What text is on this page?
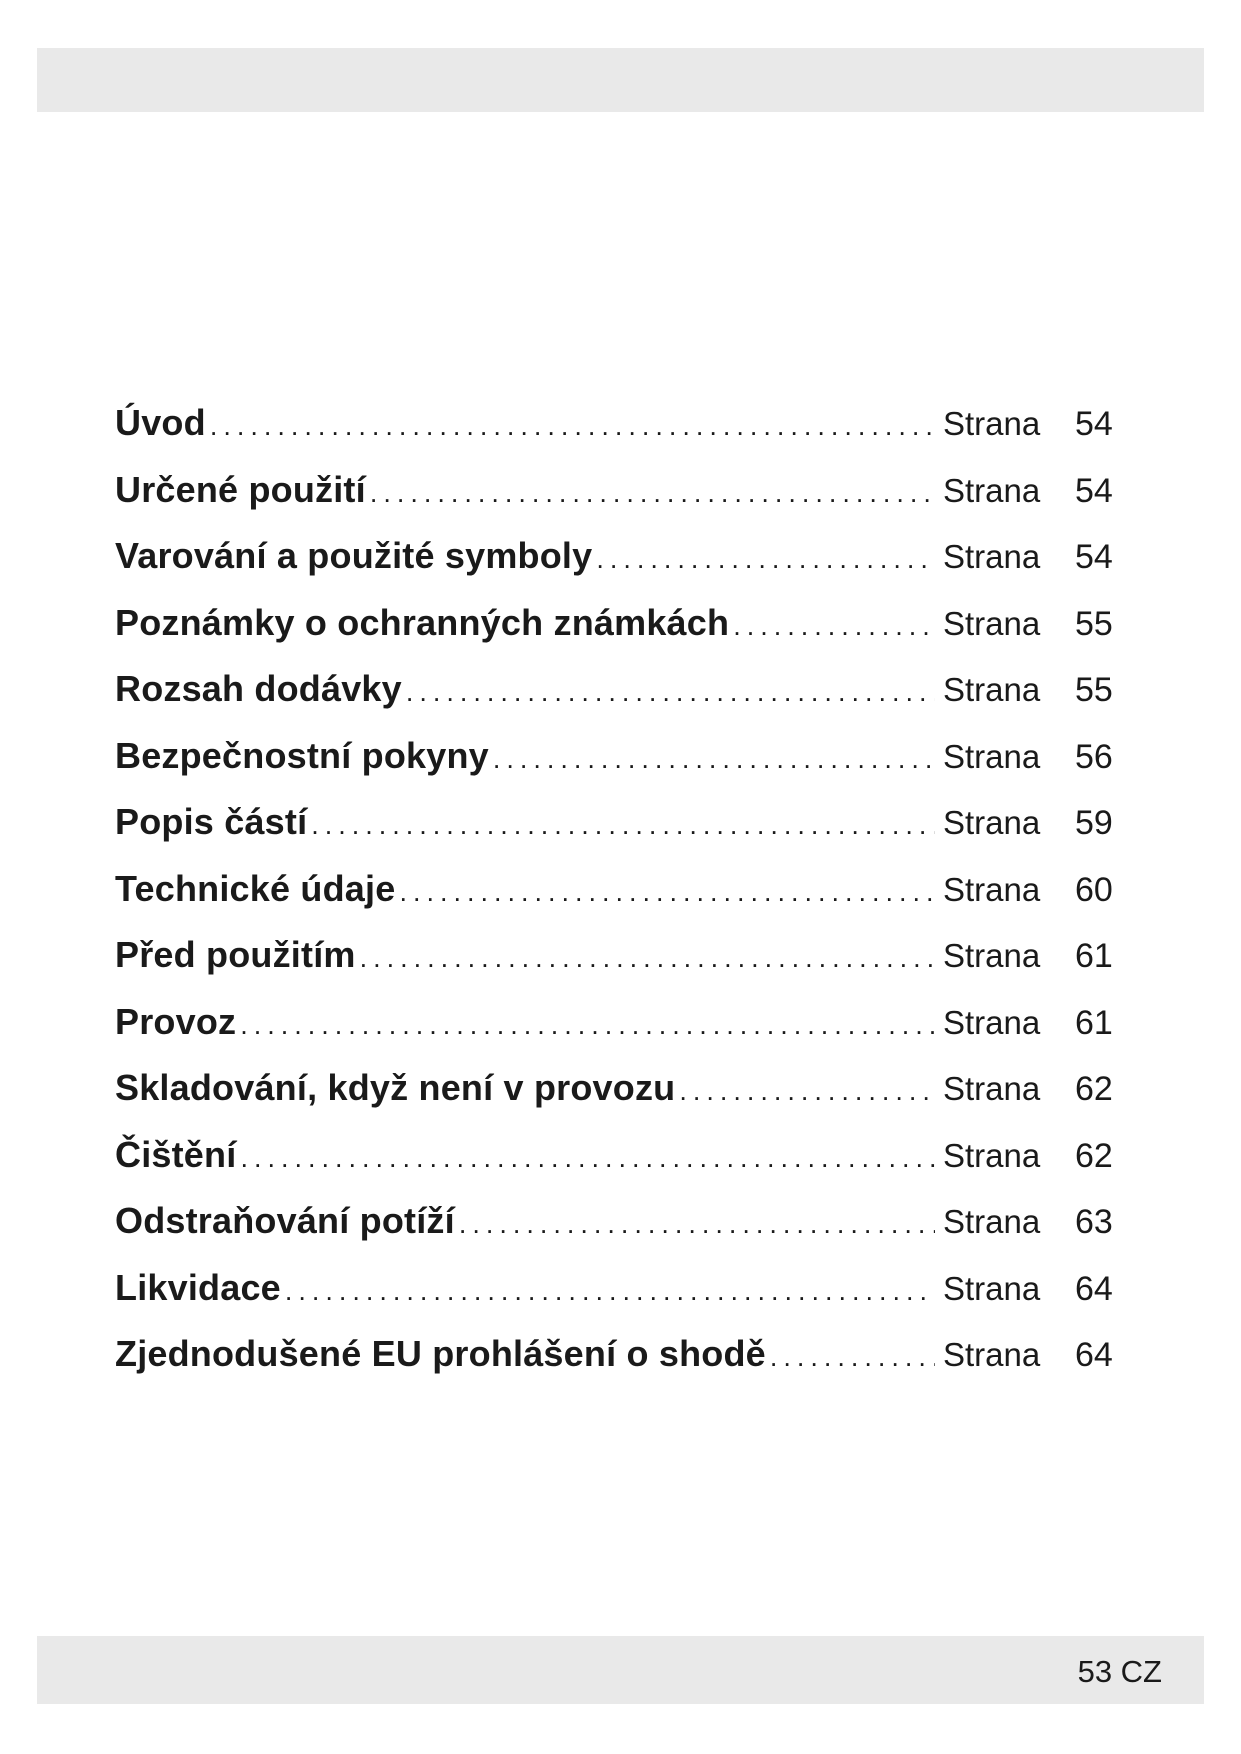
Úvod .....	Strana	54
Určené použití .....	Strana	54
Varování a použité symboly .....	Strana	54
Poznámky o ochranných známkách .....	Strana	55
Rozsah dodávky .....	Strana	55
Bezpečnostní pokyny .....	Strana	56
Popis částí .....	Strana	59
Technické údaje .....	Strana	60
Před použitím .....	Strana	61
Provoz .....	Strana	61
Skladování, když není v provozu .....	Strana	62
Čištění .....	Strana	62
Odstraňování potíží .....	Strana	63
Likvidace .....	Strana	64
Zjednodušené EU prohlášení o shodě .....	Strana	64
53 CZ
